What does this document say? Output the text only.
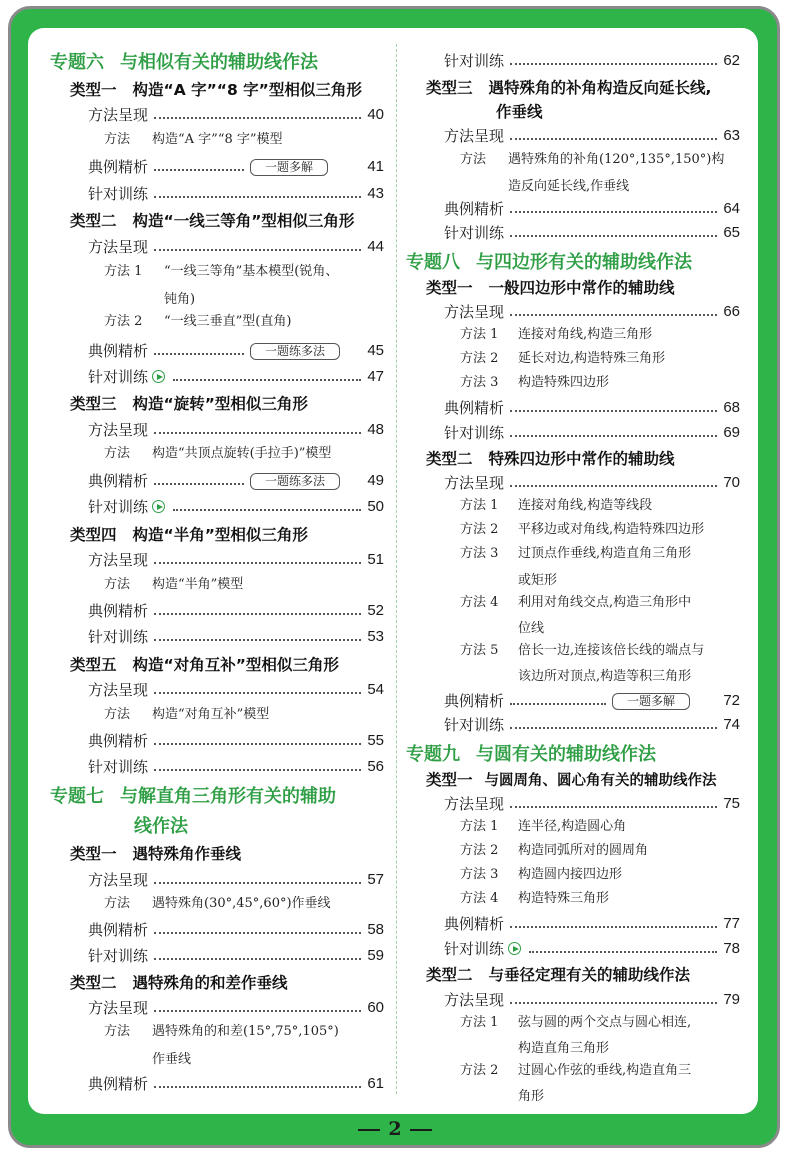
专题六 与相似有关的辅助线作法
类型一 构造“A 字”“8 字”型相似三角形
方法呈现	40
方法 构造“A 字”“8 字”模型
典例精析	一题多解	41
针对训练	43
类型二 构造“一线三等角”型相似三角形
方法呈现	44
方法 1 “一线三等角”基本模型(锐角、
钝角)
方法 2 “一线三垂直”型(直角)
典例精析	一题练多法	45
针对训练	47
类型三 构造“旋转”型相似三角形
方法呈现	48
方法 构造“共顶点旋转(手拉手)”模型
典例精析	一题练多法	49
针对训练	50
类型四 构造“半角”型相似三角形
方法呈现	51
方法 构造“半角”模型
典例精析	52
针对训练	53
类型五 构造“对角互补”型相似三角形
方法呈现	54
方法 构造“对角互补”模型
典例精析	55
针对训练	56
专题七 与解直角三角形有关的辅助
线作法
类型一 遇特殊角作垂线
方法呈现	57
方法 遇特殊角(30°,45°,60°)作垂线
典例精析	58
针对训练	59
类型二 遇特殊角的和差作垂线
方法呈现	60
方法 遇特殊角的和差(15°,75°,105°)
作垂线
典例精析	61
针对训练	62
类型三 遇特殊角的补角构造反向延长线,
作垂线
方法呈现	63
方法 遇特殊角的补角(120°,135°,150°)构
造反向延长线,作垂线
典例精析	64
针对训练	65
专题八 与四边形有关的辅助线作法
类型一 一般四边形中常作的辅助线
方法呈现	66
方法 1 连接对角线,构造三角形
方法 2 延长对边,构造特殊三角形
方法 3 构造特殊四边形
典例精析	68
针对训练	69
类型二 特殊四边形中常作的辅助线
方法呈现	70
方法 1 连接对角线,构造等线段
方法 2 平移边或对角线,构造特殊四边形
方法 3 过顶点作垂线,构造直角三角形
或矩形
方法 4 利用对角线交点,构造三角形中
位线
方法 5 倍长一边,连接该倍长线的端点与
该边所对顶点,构造等积三角形
典例精析	一题多解	72
针对训练	74
专题九 与圆有关的辅助线作法
类型一 与圆周角、圆心角有关的辅助线作法
方法呈现	75
方法 1 连半径,构造圆心角
方法 2 构造同弧所对的圆周角
方法 3 构造圆内接四边形
方法 4 构造特殊三角形
典例精析	77
针对训练	78
类型二 与垂径定理有关的辅助线作法
方法呈现	79
方法 1 弦与圆的两个交点与圆心相连,
构造直角三角形
方法 2 过圆心作弦的垂线,构造直角三
角形
2
